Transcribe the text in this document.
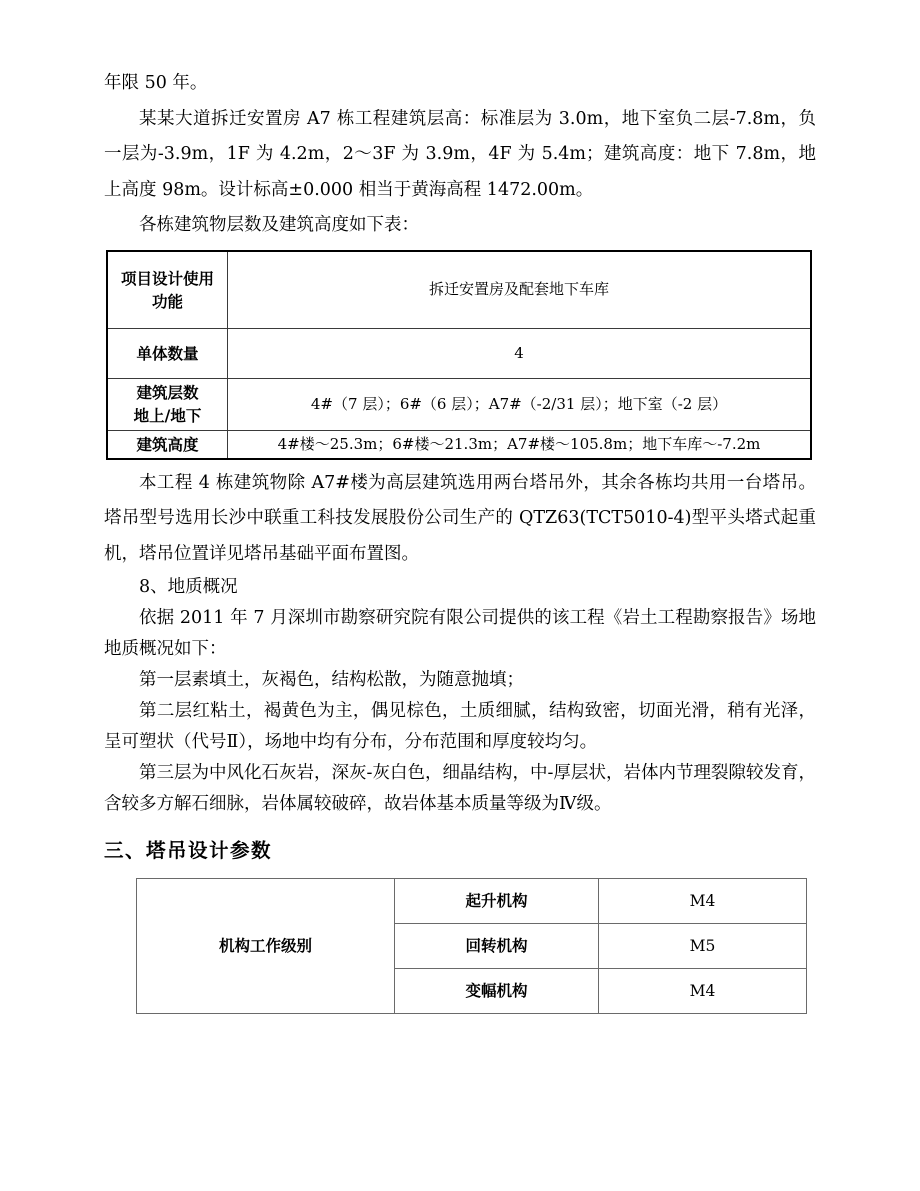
年限 50 年。

某某大道拆迁安置房 A7 栋工程建筑层高：标准层为 3.0m，地下室负二层-7.8m，负一层为-3.9m，1F 为 4.2m，2～3F 为 3.9m，4F 为 5.4m；建筑高度：地下 7.8m，地上高度 98m。设计标高±0.000 相当于黄海高程 1472.00m。

各栋建筑物层数及建筑高度如下表：

项目设计使用
功能	拆迁安置房及配套地下车库
单体数量	4
建筑层数
地上/地下	4#（7 层）；6#（6 层）；A7#（-2/31 层）；地下室（-2 层）
建筑高度	4#楼～25.3m；6#楼～21.3m；A7#楼～105.8m；地下车库～-7.2m

本工程 4 栋建筑物除 A7#楼为高层建筑选用两台塔吊外，其余各栋均共用一台塔吊。塔吊型号选用长沙中联重工科技发展股份公司生产的 QTZ63(TCT5010-4)型平头塔式起重机，塔吊位置详见塔吊基础平面布置图。

8、地质概况

依据 2011 年 7 月深圳市勘察研究院有限公司提供的该工程《岩土工程勘察报告》场地地质概况如下：

第一层素填土，灰褐色，结构松散，为随意抛填；

第二层红粘土，褐黄色为主，偶见棕色，土质细腻，结构致密，切面光滑，稍有光泽，呈可塑状（代号Ⅱ），场地中均有分布，分布范围和厚度较均匀。

第三层为中风化石灰岩，深灰-灰白色，细晶结构，中-厚层状，岩体内节理裂隙较发育，含较多方解石细脉，岩体属较破碎，故岩体基本质量等级为Ⅳ级。

三、塔吊设计参数
机构工作级别	起升机构	M4
	回转机构	M5
	变幅机构	M4
